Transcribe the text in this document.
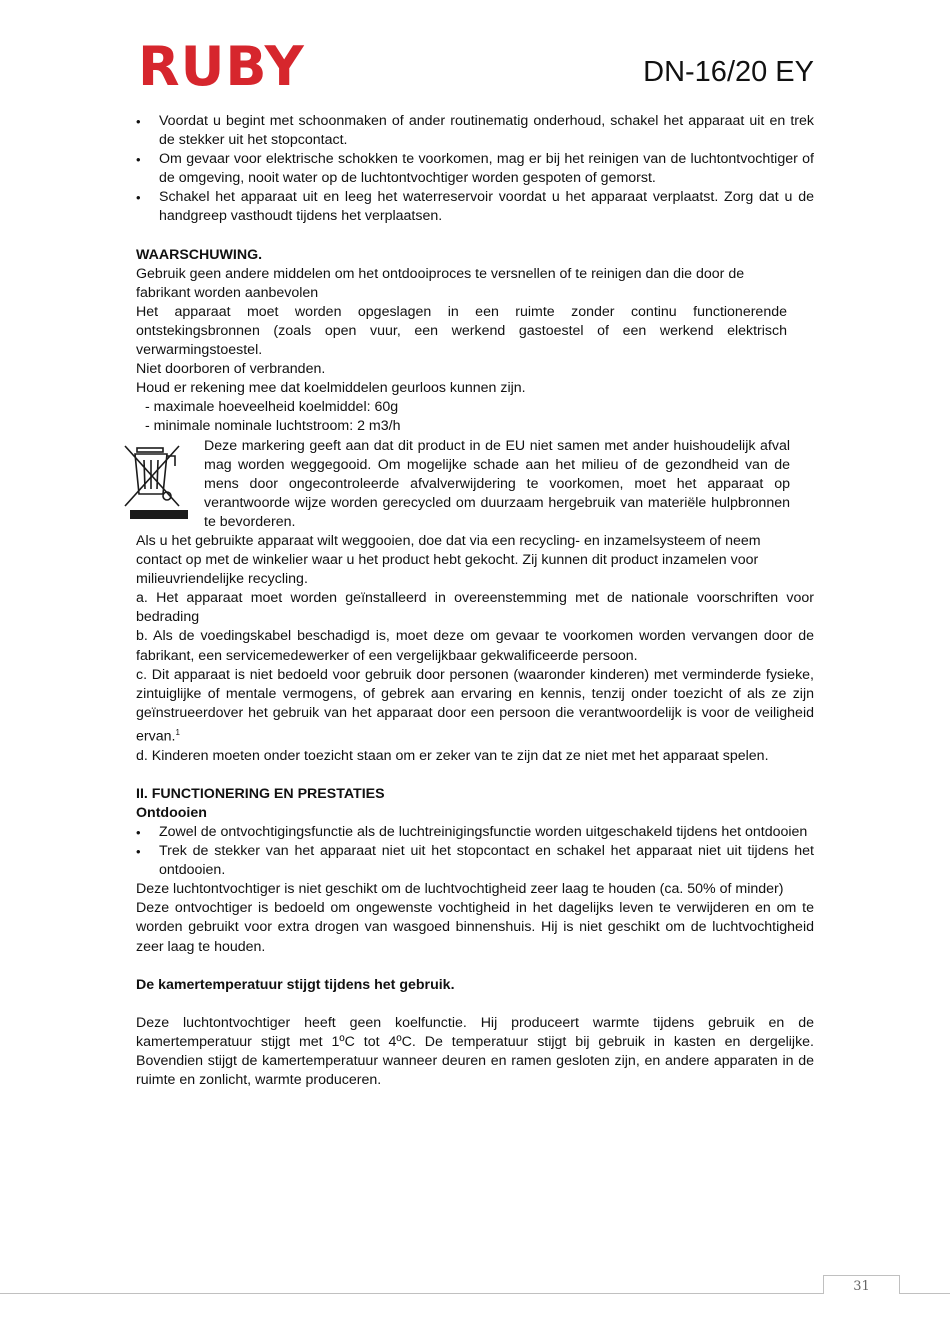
RUBY	DN-16/20 EY
• Voordat u begint met schoonmaken of ander routinematig onderhoud, schakel het apparaat uit en trek de stekker uit het stopcontact.
• Om gevaar voor elektrische schokken te voorkomen, mag er bij het reinigen van de luchtontvochtiger of de omgeving, nooit water op de luchtontvochtiger worden gespoten of gemorst.
• Schakel het apparaat uit en leeg het waterreservoir voordat u het apparaat verplaatst. Zorg dat u de handgreep vasthoudt tijdens het verplaatsen.

WAARSCHUWING.

Gebruik geen andere middelen om het ontdooiproces te versnellen of te reinigen dan die door de fabrikant worden aanbevolen

Het apparaat moet worden opgeslagen in een ruimte zonder continu functionerende ontstekingsbronnen (zoals open vuur, een werkend gastoestel of een werkend elektrisch verwarmingstoestel.

Niet doorboren of verbranden.

Houd er rekening mee dat koelmiddelen geurloos kunnen zijn.

- maximale hoeveelheid koelmiddel: 60g

- minimale nominale luchtstroom: 2 m3/h

Deze markering geeft aan dat dit product in de EU niet samen met ander huishoudelijk afval mag worden weggegooid. Om mogelijke schade aan het milieu of de gezondheid van de mens door ongecontroleerde afvalverwijdering te voorkomen, moet het apparaat op verantwoorde wijze worden gerecycled om duurzaam hergebruik van materiële hulpbronnen te bevorderen.

Als u het gebruikte apparaat wilt weggooien, doe dat via een recycling- en inzamelsysteem of neem contact op met de winkelier waar u het product hebt gekocht. Zij kunnen dit product inzamelen voor milieuvriendelijke recycling.

a. Het apparaat moet worden geïnstalleerd in overeenstemming met de nationale voorschriften voor bedrading

b. Als de voedingskabel beschadigd is, moet deze om gevaar te voorkomen worden vervangen door de fabrikant, een servicemedewerker of een vergelijkbaar gekwalificeerde persoon.

c. Dit apparaat is niet bedoeld voor gebruik door personen (waaronder kinderen) met verminderde fysieke, zintuiglijke of mentale vermogens, of gebrek aan ervaring en kennis, tenzij onder toezicht of als ze zijn geïnstrueerdover het gebruik van het apparaat door een persoon die verantwoordelijk is voor de veiligheid ervan.$^1$

d. Kinderen moeten onder toezicht staan om er zeker van te zijn dat ze niet met het apparaat spelen.

II. FUNCTIONERING EN PRESTATIES

Ontdooien

• Zowel de ontvochtigingsfunctie als de luchtreinigingsfunctie worden uitgeschakeld tijdens het ontdooien
• Trek de stekker van het apparaat niet uit het stopcontact en schakel het apparaat niet uit tijdens het ontdooien.

Deze luchtontvochtiger is niet geschikt om de luchtvochtigheid zeer laag te houden (ca. 50% of minder)

Deze ontvochtiger is bedoeld om ongewenste vochtigheid in het dagelijks leven te verwijderen en om te worden gebruikt voor extra drogen van wasgoed binnenshuis. Hij is niet geschikt om de luchtvochtigheid zeer laag te houden.

De kamertemperatuur stijgt tijdens het gebruik.

Deze luchtontvochtiger heeft geen koelfunctie. Hij produceert warmte tijdens gebruik en de kamertemperatuur stijgt met 1ºC tot 4ºC. De temperatuur stijgt bij gebruik in kasten en dergelijke. Bovendien stijgt de kamertemperatuur wanneer deuren en ramen gesloten zijn, en andere apparaten in de ruimte en zonlicht, warmte produceren.

31
